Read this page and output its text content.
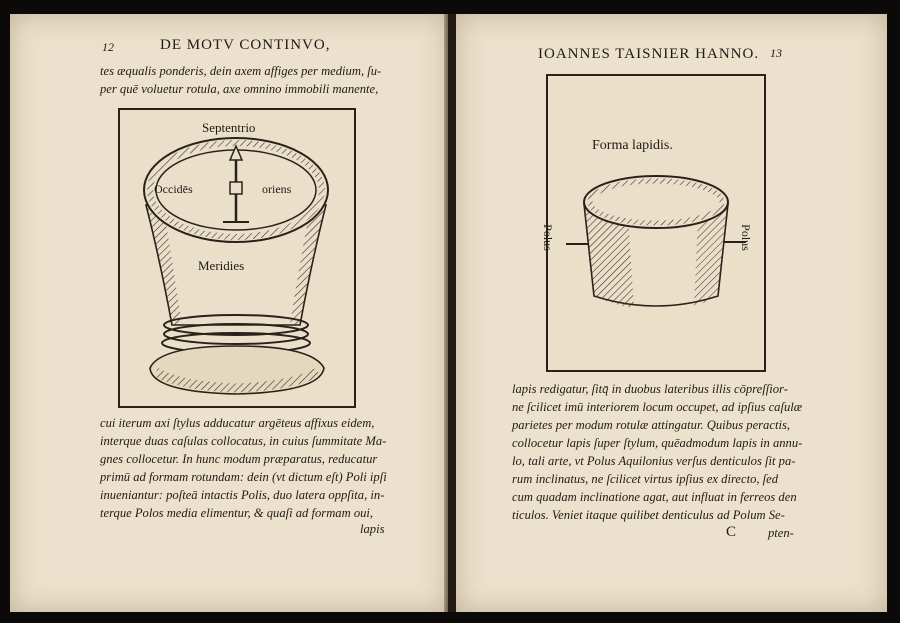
12	DE MOTV CONTINVO,
tes æqualis ponderis, dein axem affiges per medium, ſu-
per quē voluetur rotula, axe omnino immobili manente,
Septentrio
Occidēs	oriens
Meridies
cui iterum axi ſtylus adducatur argēteus affixus eidem,
interque duas caſulas collocatus, in cuius ſummitate Ma-
gnes collocetur. In hunc modum præparatus, reducatur
primū ad formam rotundam: dein (vt dictum eſt) Poli ipſi
inueniantur: poſteā intactis Polis, duo latera oppſita, in-
terque Polos media elimentur, & quaſi ad formam oui,
lapis
IOANNES TAISNIER HANNO. 13
Forma lapidis.
Polus	Polus
lapis redigatur, ſitq̄ in duobus lateribus illis cōpreſſior-
ne ſcilicet imū interiorem locum occupet, ad ipſius caſulæ
parietes per modum rotulæ attingatur. Quibus peractis,
collocetur lapis ſuper ſtylum, quēadmodum lapis in annu-
lo, tali arte, vt Polus Aquilonius verſus denticulos ſit pa-
rum inclinatus, ne ſcilicet virtus ipſius ex directo, ſed
cum quadam inclinatione agat, aut influat in ferreos den
ticulos. Veniet itaque quilibet denticulus ad Polum Se-
C	pten-
